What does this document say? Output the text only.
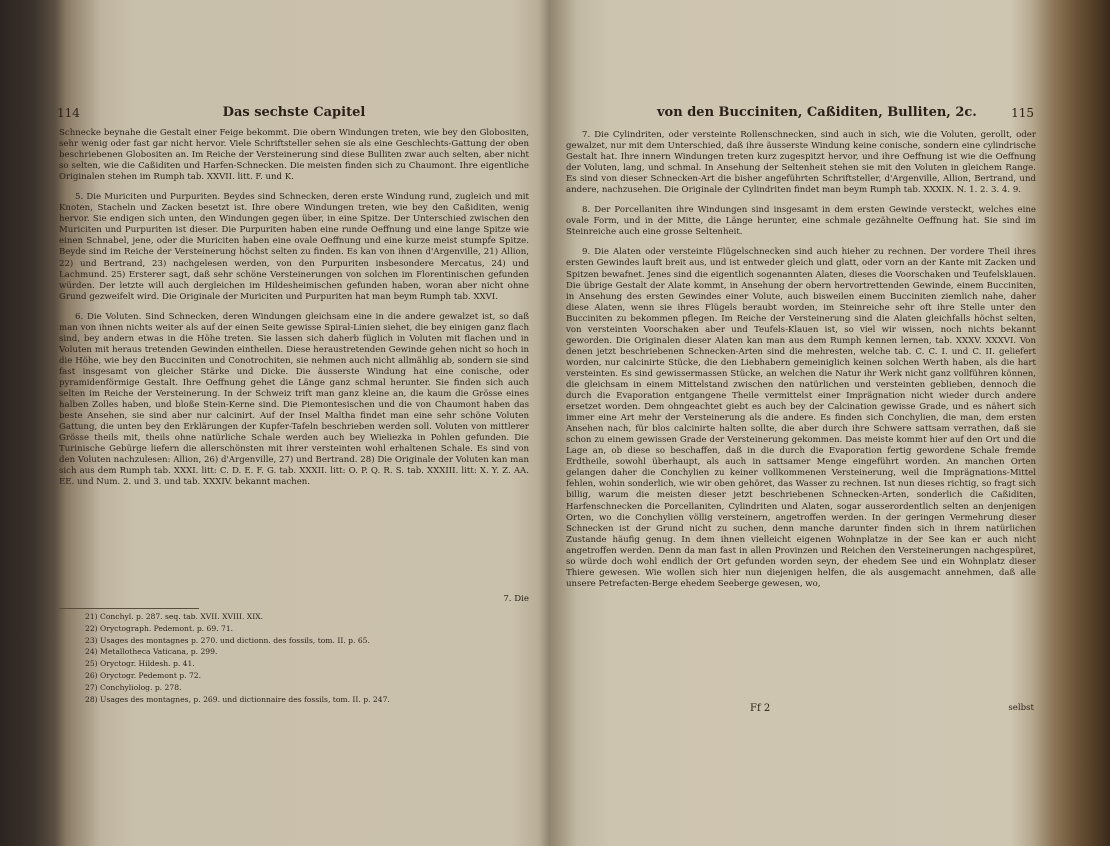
114	Das sechste Capitel

Schnecke beynahe die Gestalt einer Feige bekommt. Die obern Windungen treten, wie bey den Globositen, sehr wenig oder fast gar nicht hervor. Viele Schriftsteller sehen sie als eine Geschlechts-Gattung der oben beschriebenen Globositen an. Im Reiche der Versteinerung sind diese Bulliten zwar auch selten, aber nicht so selten, wie die Caßiditen und Harfen-Schnecken. Die meisten finden sich zu Chaumont. Ihre eigentliche Originalen stehen im Rumph tab. XXVII. litt. F. und K.

5. Die Muriciten und Purpuriten. Beydes sind Schnecken, deren erste Windung rund, zugleich und mit Knoten, Stacheln und Zacken besetzt ist. Ihre obere Windungen treten, wie bey den Caßiditen, wenig hervor. Sie endigen sich unten, den Windungen gegen über, in eine Spitze. Der Unterschied zwischen den Muriciten und Purpuriten ist dieser. Die Purpuriten haben eine runde Oeffnung und eine lange Spitze wie einen Schnabel, jene, oder die Muriciten haben eine ovale Oeffnung und eine kurze meist stumpfe Spitze. Beyde sind im Reiche der Versteinerung höchst selten zu finden. Es kan von ihnen d'Argenville, 21) Allion, 22) und Bertrand, 23) nachgelesen werden, von den Purpuriten insbesondere Mercatus, 24) und Lachmund. 25) Ersterer sagt, daß sehr schöne Versteinerungen von solchen im Florentinischen gefunden würden. Der letzte will auch dergleichen im Hildesheimischen gefunden haben, woran aber nicht ohne Grund gezweifelt wird. Die Originale der Muriciten und Purpuriten hat man beym Rumph tab. XXVI.

6. Die Voluten. Sind Schnecken, deren Windungen gleichsam eine in die andere gewalzet ist, so daß man von ihnen nichts weiter als auf der einen Seite gewisse Spiral-Linien siehet, die bey einigen ganz flach sind, bey andern etwas in die Höhe treten. Sie lassen sich daherb füglich in Voluten mit flachen und in Voluten mit heraus tretenden Gewinden eintheilen. Diese heraustretenden Gewinde gehen nicht so hoch in die Höhe, wie bey den Bucciniten und Conotrochiten, sie nehmen auch nicht allmählig ab, sondern sie sind fast insgesamt von gleicher Stärke und Dicke. Die äusserste Windung hat eine conische, oder pyramidenförmige Gestalt. Ihre Oeffnung gehet die Länge ganz schmal herunter. Sie finden sich auch selten im Reiche der Versteinerung. In der Schweiz trift man ganz kleine an, die kaum die Grösse eines halben Zolles haben, und bloße Stein-Kerne sind. Die Piemontesischen und die von Chaumont haben das beste Ansehen, sie sind aber nur calcinirt. Auf der Insel Maltha findet man eine sehr schöne Voluten Gattung, die unten bey den Erklärungen der Kupfer-Tafeln beschrieben werden soll. Voluten von mittlerer Grösse theils mit, theils ohne natürliche Schale werden auch bey Wieliezka in Pohlen gefunden. Die Turinische Gebürge liefern die allerschönsten mit ihrer versteinten wohl erhaltenen Schale. Es sind von den Voluten nachzulesen: Allion, 26) d'Argenville, 27) und Bertrand. 28) Die Originale der Voluten kan man sich aus dem Rumph tab. XXXI. litt: C. D. E. F. G. tab. XXXII. litt: O. P. Q. R. S. tab. XXXIII. litt: X. Y. Z. AA. EE. und Num. 2. und 3. und tab. XXXIV. bekannt machen.

7. Die
21) Conchyl. p. 287. seq. tab. XVII. XVIII. XIX.
22) Oryctograph. Pedemont. p. 69. 71.
23) Usages des montagnes p. 270. und dictionn. des fossils, tom. II. p. 65.
24) Metallotheca Vaticana, p. 299.
25) Oryctogr. Hildesh. p. 41.
26) Oryctogr. Pedemont p. 72.
27) Conchyliolog. p. 278.
28) Usages des montagnes, p. 269. und dictionnaire des fossils, tom. II. p. 247.
von den Bucciniten, Caßiditen, Bulliten, 2c.	115

7. Die Cylindriten, oder versteinte Rollenschnecken, sind auch in sich, wie die Voluten, gerollt, oder gewalzet, nur mit dem Unterschied, daß ihre äusserste Windung keine conische, sondern eine cylindrische Gestalt hat. Ihre innern Windungen treten kurz zugespitzt hervor, und ihre Oeffnung ist wie die Oeffnung der Voluten, lang, und schmal. In Ansehung der Seltenheit stehen sie mit den Voluten in gleichem Range. Es sind von dieser Schnecken-Art die bisher angeführten Schriftsteller, d'Argenville, Allion, Bertrand, und andere, nachzusehen. Die Originale der Cylindriten findet man beym Rumph tab. XXXIX. N. 1. 2. 3. 4. 9.

8. Der Porcellaniten ihre Windungen sind insgesamt in dem ersten Gewinde versteckt, welches eine ovale Form, und in der Mitte, die Länge herunter, eine schmale gezähnelte Oeffnung hat. Sie sind im Steinreiche auch eine grosse Seltenheit.

9. Die Alaten oder versteinte Flügelschnecken sind auch hieher zu rechnen. Der vordere Theil ihres ersten Gewindes lauft breit aus, und ist entweder gleich und glatt, oder vorn an der Kante mit Zacken und Spitzen bewafnet. Jenes sind die eigentlich sogenannten Alaten, dieses die Voorschaken und Teufelsklauen. Die übrige Gestalt der Alate kommt, in Ansehung der obern hervortrettenden Gewinde, einem Bucciniten, in Ansehung des ersten Gewindes einer Volute, auch bisweilen einem Bucciniten ziemlich nahe, daher diese Alaten, wenn sie ihres Flügels beraubt worden, im Steinreiche sehr oft ihre Stelle unter den Bucciniten zu bekommen pflegen. Im Reiche der Versteinerung sind die Alaten gleichfalls höchst selten, von versteinten Voorschaken aber und Teufels-Klauen ist, so viel wir wissen, noch nichts bekannt geworden. Die Originalen dieser Alaten kan man aus dem Rumph kennen lernen, tab. XXXV. XXXVI. Von denen jetzt beschriebenen Schnecken-Arten sind die mehresten, welche tab. C. C. I. und C. II. geliefert worden, nur calcinirte Stücke, die den Liebhabern gemeiniglich keinen solchen Werth haben, als die hart versteinten. Es sind gewissermassen Stücke, an welchen die Natur ihr Werk nicht ganz vollführen können, die gleichsam in einem Mittelstand zwischen den natürlichen und versteinten geblieben, dennoch die durch die Evaporation entgangene Theile vermittelst einer Imprägnation nicht wieder durch andere ersetzet worden. Dem ohngeachtet giebt es auch bey der Calcination gewisse Grade, und es nähert sich immer eine Art mehr der Versteinerung als die andere. Es finden sich Conchylien, die man, dem ersten Ansehen nach, für blos calcinirte halten sollte, die aber durch ihre Schwere sattsam verrathen, daß sie schon zu einem gewissen Grade der Versteinerung gekommen. Das meiste kommt hier auf den Ort und die Lage an, ob diese so beschaffen, daß in die durch die Evaporation fertig gewordene Schale fremde Erdtheile, sowohl überhaupt, als auch in sattsamer Menge eingeführt worden. An manchen Orten gelangen daher die Conchylien zu keiner vollkommenen Versteinerung, weil die Imprägnations-Mittel fehlen, wohin sonderlich, wie wir oben gehöret, das Wasser zu rechnen. Ist nun dieses richtig, so fragt sich billig, warum die meisten dieser jetzt beschriebenen Schnecken-Arten, sonderlich die Caßiditen, Harfenschnecken die Porcellaniten, Cylindriten und Alaten, sogar ausserordentlich selten an denjenigen Orten, wo die Conchylien völlig versteinern, angetroffen werden. In der geringen Vermehrung dieser Schnecken ist der Grund nicht zu suchen, denn manche darunter finden sich in ihrem natürlichen Zustande häufig genug. In dem ihnen vielleicht eigenen Wohnplatze in der See kan er auch nicht angetroffen werden. Denn da man fast in allen Provinzen und Reichen den Versteinerungen nachgespüret, so würde doch wohl endlich der Ort gefunden worden seyn, der ehedem See und ein Wohnplatz dieser Thiere gewesen. Wie wollen sich hier nun diejenigen helfen, die als ausgemacht annehmen, daß alle unsere Petrefacten-Berge ehedem Seeberge gewesen, wo,

Ff 2	selbst
